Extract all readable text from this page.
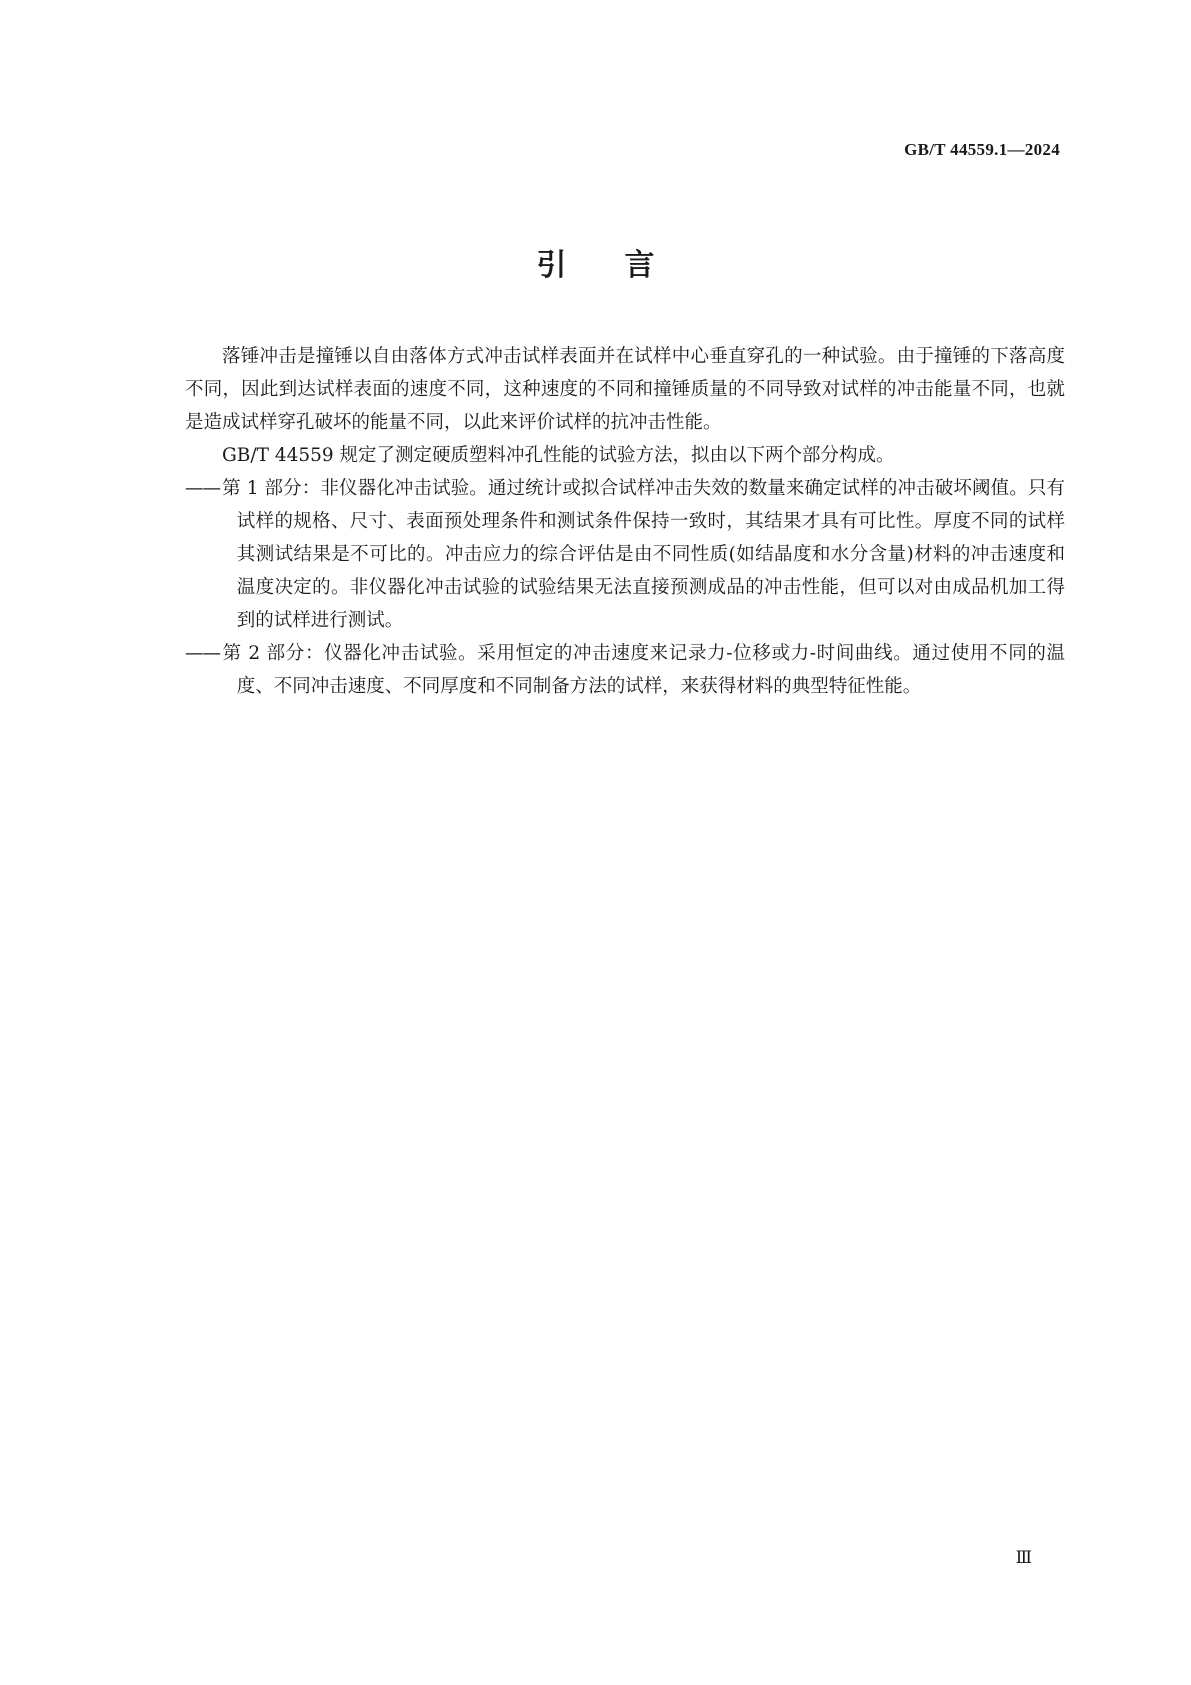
GB/T 44559.1—2024
引言

落锤冲击是撞锤以自由落体方式冲击试样表面并在试样中心垂直穿孔的一种试验。由于撞锤的下落高度不同，因此到达试样表面的速度不同，这种速度的不同和撞锤质量的不同导致对试样的冲击能量不同，也就是造成试样穿孔破坏的能量不同，以此来评价试样的抗冲击性能。

GB/T 44559 规定了测定硬质塑料冲孔性能的试验方法，拟由以下两个部分构成。

—— 第 1 部分：非仪器化冲击试验。通过统计或拟合试样冲击失效的数量来确定试样的冲击破坏阈值。只有试样的规格、尺寸、表面预处理条件和测试条件保持一致时，其结果才具有可比性。厚度不同的试样其测试结果是不可比的。冲击应力的综合评估是由不同性质(如结晶度和水分含量)材料的冲击速度和温度决定的。非仪器化冲击试验的试验结果无法直接预测成品的冲击性能，但可以对由成品机加工得到的试样进行测试。

—— 第 2 部分：仪器化冲击试验。采用恒定的冲击速度来记录力-位移或力-时间曲线。通过使用不同的温度、不同冲击速度、不同厚度和不同制备方法的试样，来获得材料的典型特征性能。

Ⅲ
